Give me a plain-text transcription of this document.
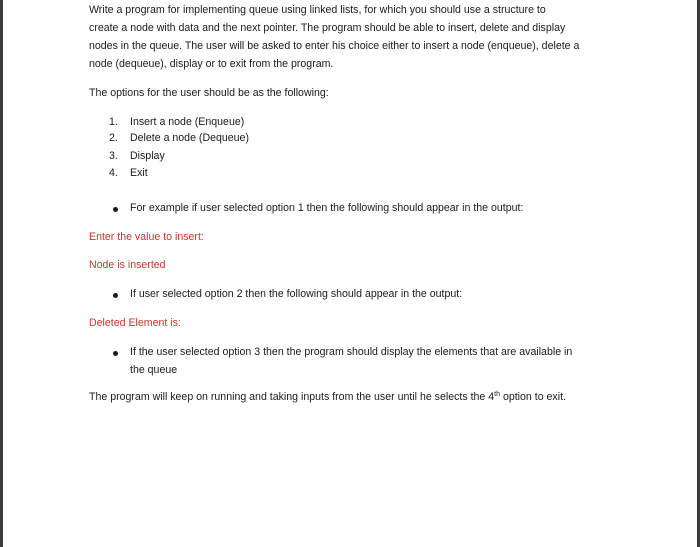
Write a program for implementing queue using linked lists, for which you should use a structure to
create a node with data and the next pointer. The program should be able to insert, delete and display
nodes in the queue. The user will be asked to enter his choice either to insert a node (enqueue), delete a
node (dequeue), display or to exit from the program.
The options for the user should be as the following:
1. Insert a node (Enqueue)
2. Delete a node (Dequeue)
3. Display
4. Exit
For example if user selected option 1 then the following should appear in the output:
Enter the value to insert:
Node is inserted
If user selected option 2 then the following should appear in the output:
Deleted Element is:
If the user selected option 3 then the program should display the elements that are available in
the queue
The program will keep on running and taking inputs from the user until he selects the 4th option to exit.
